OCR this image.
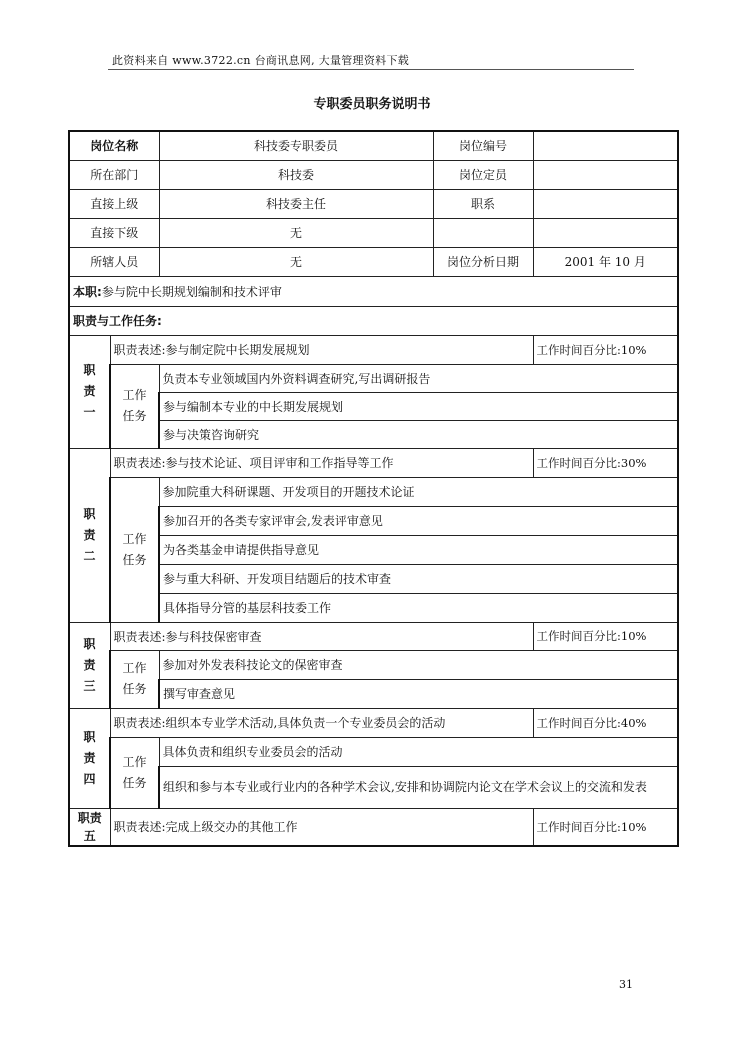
此资料来自 www.3722.cn 台商讯息网, 大量管理资料下载
专职委员职务说明书
岗位名称		科技委专职委员	岗位编号	
所在部门		科技委	岗位定员	
直接上级		科技委主任	职系	
直接下级		无		
所辖人员		无	岗位分析日期	2001 年 10 月
本职:参与院中长期规划编制和技术评审				
职责与工作任务:				

职
责
一	职责表述:参与制定院中长期发展规划			工作时间百分比:10%

	工作
任务	负责本专业领域国内外资料调查研究,写出调研报告		
		参与编制本专业的中长期发展规划		
		参与决策咨询研究		

职
责
二	职责表述:参与技术论证、项目评审和工作指导等工作			工作时间百分比:30%

	工作
任务	参加院重大科研课题、开发项目的开题技术论证		
		参加召开的各类专家评审会,发表评审意见		
		为各类基金申请提供指导意见		
		参与重大科研、开发项目结题后的技术审查		
		具体指导分管的基层科技委工作		

职
责
三	职责表述:参与科技保密审查			工作时间百分比:10%

	工作
任务	参加对外发表科技论文的保密审查		
		撰写审查意见		

职
责
四	职责表述:组织本专业学术活动,具体负责一个专业委员会的活动			工作时间百分比:40%

	工作
任务	具体负责和组织专业委员会的活动		
		组织和参与本专业或行业内的各种学术会议,安排和协调院内论文在学术会议上的交流和发表		

职责
五	职责表述:完成上级交办的其他工作			工作时间百分比:10%
31
